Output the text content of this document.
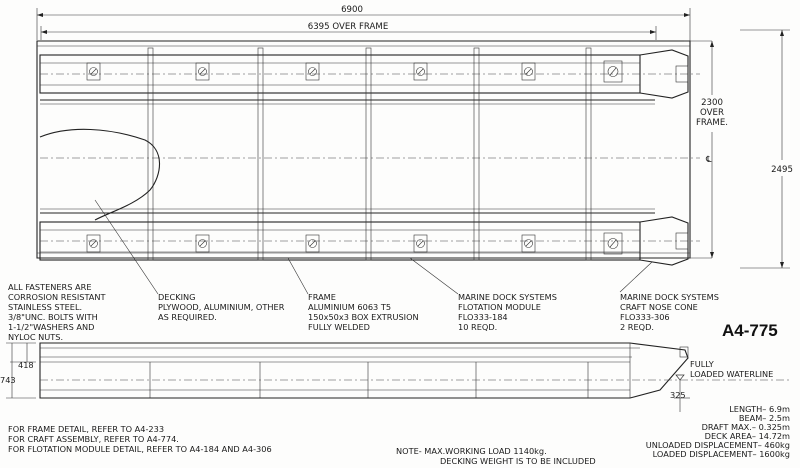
6900
6395 OVER FRAME
2300
OVER
FRAME.
2495
℄
ALL FASTENERS ARE
CORROSION RESISTANT
STAINLESS STEEL.
3/8"UNC. BOLTS WITH
1-1/2"WASHERS AND
NYLOC NUTS.
DECKING
PLYWOOD, ALUMINIUM, OTHER
AS REQUIRED.
FRAME
ALUMINIUM 6063 T5
150x50x3 BOX EXTRUSION
FULLY WELDED
MARINE DOCK SYSTEMS
FLOTATION MODULE
FLO333-184
10 REQD.
MARINE DOCK SYSTEMS
CRAFT NOSE CONE
FLO333-306
2 REQD.	A4-775
418
743
325
FULLY
LOADED WATERLINE
FOR FRAME DETAIL, REFER TO A4-233
FOR CRAFT ASSEMBLY, REFER TO A4-774.
FOR FLOTATION MODULE DETAIL, REFER TO A4-184 AND A4-306	NOTE- MAX.WORKING LOAD 1140kg.
DECKING WEIGHT IS TO BE INCLUDED
LENGTH– 6.9m
BEAM– 2.5m
DRAFT MAX.– 0.325m
DECK AREA– 14.72m
UNLOADED DISPLACEMENT– 460kg
LOADED DISPLACEMENT– 1600kg
